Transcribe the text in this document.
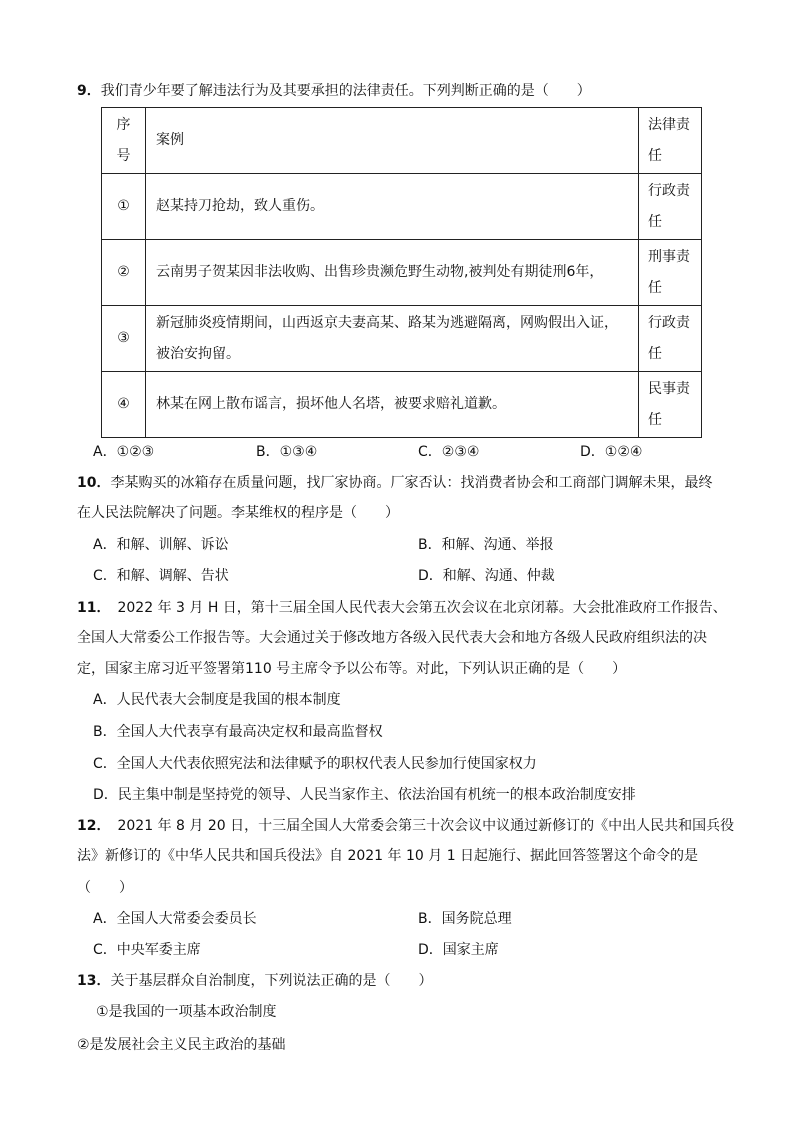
9．我们青少年要了解违法行为及其要承担的法律责任。下列判断正确的是（　　）
序号	案例	法律责任
①	赵某持刀抢劫，致人重伤。	行政责任
②	云南男子贺某因非法收购、出售珍贵濒危野生动物,被判处有期徒刑6年，	刑事责任
③	新冠肺炎疫情期间，山西返京夫妻高某、路某为逃避隔离，网购假出入证，被治安拘留。	行政责任
④	林某在网上散布谣言，损坏他人名塔，被要求赔礼道歉。	民事责任
A．①②③	B．①③④	C．②③④	D．①②④
10．李某购买的冰箱存在质量问题，找厂家协商。厂家否认：找消费者协会和工商部门调解未果，最终
在人民法院解决了问题。李某维权的程序是（　　）
A．和解、训解、诉讼	B．和解、沟通、举报
C．和解、调解、告状	D．和解、沟通、仲裁
11．　2022 年 3 月 H 日，第十三届全国人民代表大会第五次会议在北京闭幕。大会批准政府工作报告、
全国人大常委公工作报告等。大会通过关于修改地方各级入民代表大会和地方各级人民政府组织法的决
定，国家主席习近平签署第110 号主席令予以公布等。对此，下列认识正确的是（　　）
A．人民代表大会制度是我国的根本制度
B．全国人大代表享有最高决定权和最高监督权
C．全国人大代表依照宪法和法律赋予的职权代表人民参加行使国家权力
D．民主集中制是坚持党的领导、人民当家作主、依法治国有机统一的根本政治制度安排
12．　2021 年 8 月 20 日，十三届全国人大常委会第三十次会议中议通过新修订的《中出人民共和国兵役
法》新修订的《中华人民共和国兵役法》自 2021 年 10 月 1 日起施行、据此回答签署这个命令的是
（　　）
A．全国人大常委会委员长	B．国务院总理
C．中央军委主席	D．国家主席
13．关于基层群众自治制度，下列说法正确的是（　　）
①是我国的一项基本政治制度
②是发展社会主义民主政治的基础
